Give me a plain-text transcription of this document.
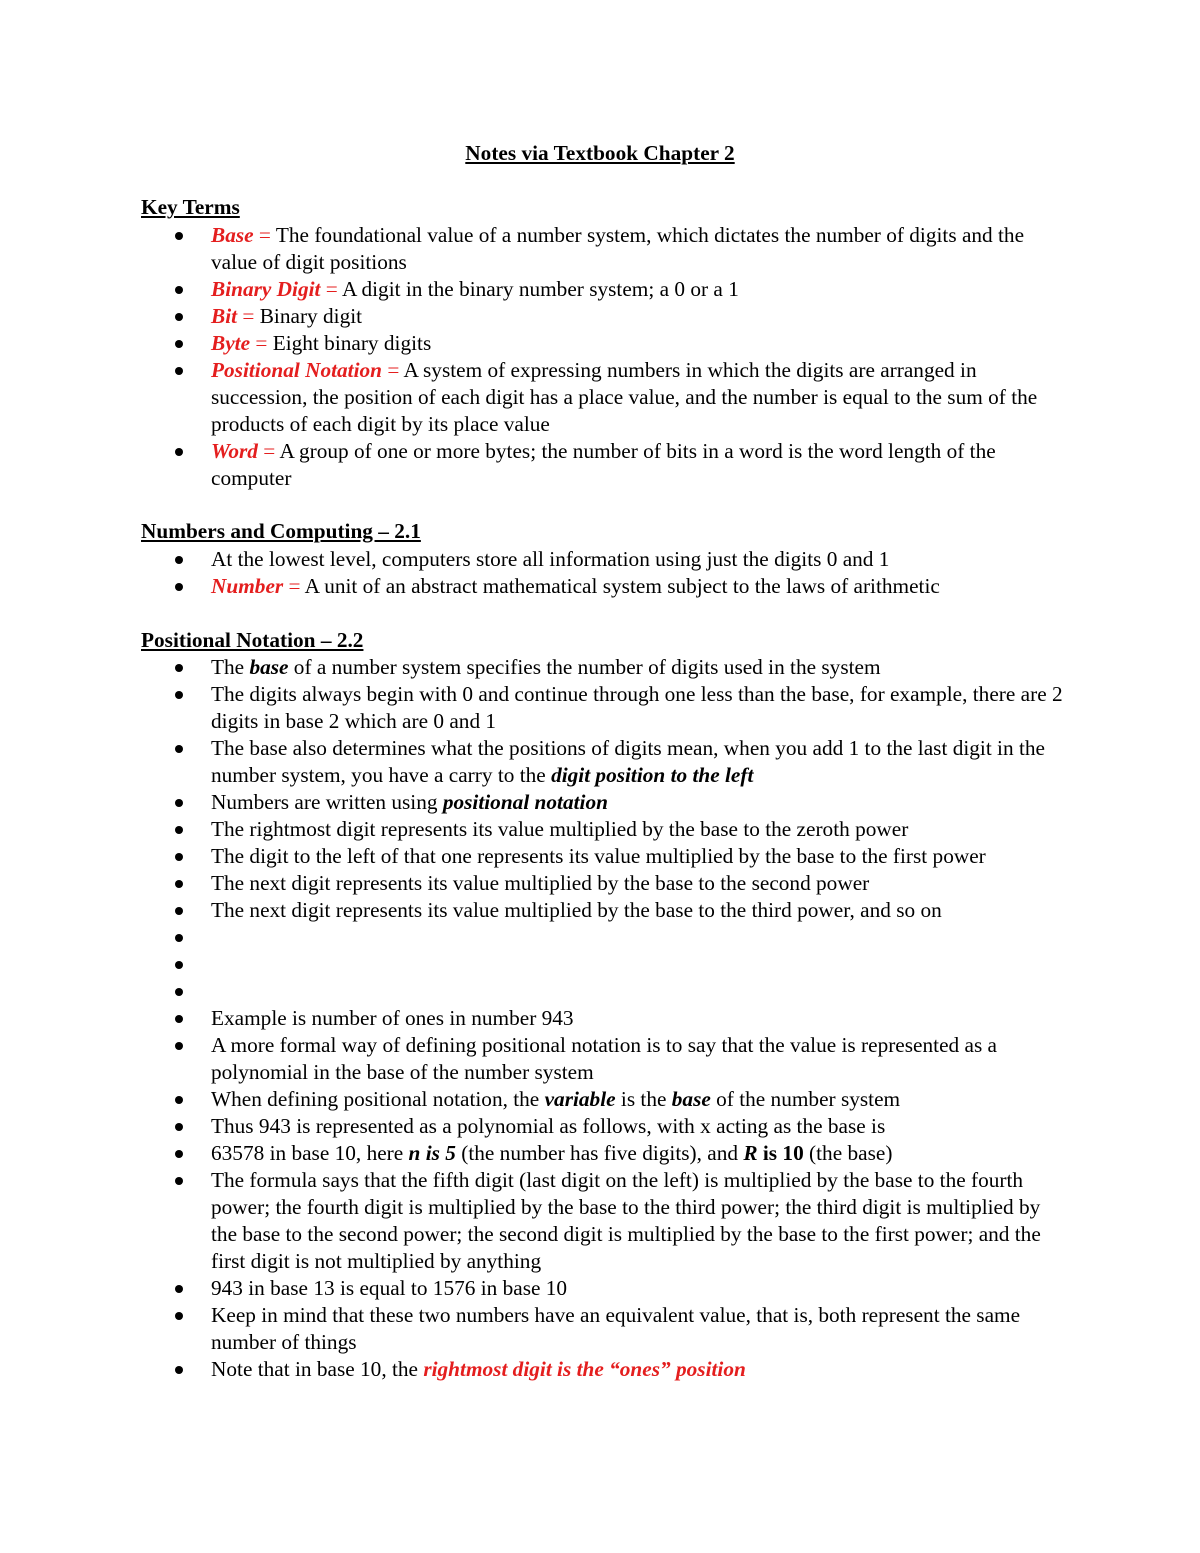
Notes via Textbook Chapter 2
Key Terms
Base = The foundational value of a number system, which dictates the number of digits and the value of digit positions
Binary Digit = A digit in the binary number system; a 0 or a 1
Bit = Binary digit
Byte = Eight binary digits
Positional Notation = A system of expressing numbers in which the digits are arranged in succession, the position of each digit has a place value, and the number is equal to the sum of the products of each digit by its place value
Word = A group of one or more bytes; the number of bits in a word is the word length of the computer
Numbers and Computing – 2.1
At the lowest level, computers store all information using just the digits 0 and 1
Number = A unit of an abstract mathematical system subject to the laws of arithmetic
Positional Notation – 2.2
The base of a number system specifies the number of digits used in the system
The digits always begin with 0 and continue through one less than the base, for example, there are 2 digits in base 2 which are 0 and 1
The base also determines what the positions of digits mean, when you add 1 to the last digit in the number system, you have a carry to the digit position to the left
Numbers are written using positional notation
The rightmost digit represents its value multiplied by the base to the zeroth power
The digit to the left of that one represents its value multiplied by the base to the first power
The next digit represents its value multiplied by the base to the second power
The next digit represents its value multiplied by the base to the third power, and so on
Example is number of ones in number 943
A more formal way of defining positional notation is to say that the value is represented as a polynomial in the base of the number system
When defining positional notation, the variable is the base of the number system
Thus 943 is represented as a polynomial as follows, with x acting as the base is
63578 in base 10, here n is 5 (the number has five digits), and R is 10 (the base)
The formula says that the fifth digit (last digit on the left) is multiplied by the base to the fourth power; the fourth digit is multiplied by the base to the third power; the third digit is multiplied by the base to the second power; the second digit is multiplied by the base to the first power; and the first digit is not multiplied by anything
943 in base 13 is equal to 1576 in base 10
Keep in mind that these two numbers have an equivalent value, that is, both represent the same number of things
Note that in base 10, the rightmost digit is the “ones” position
